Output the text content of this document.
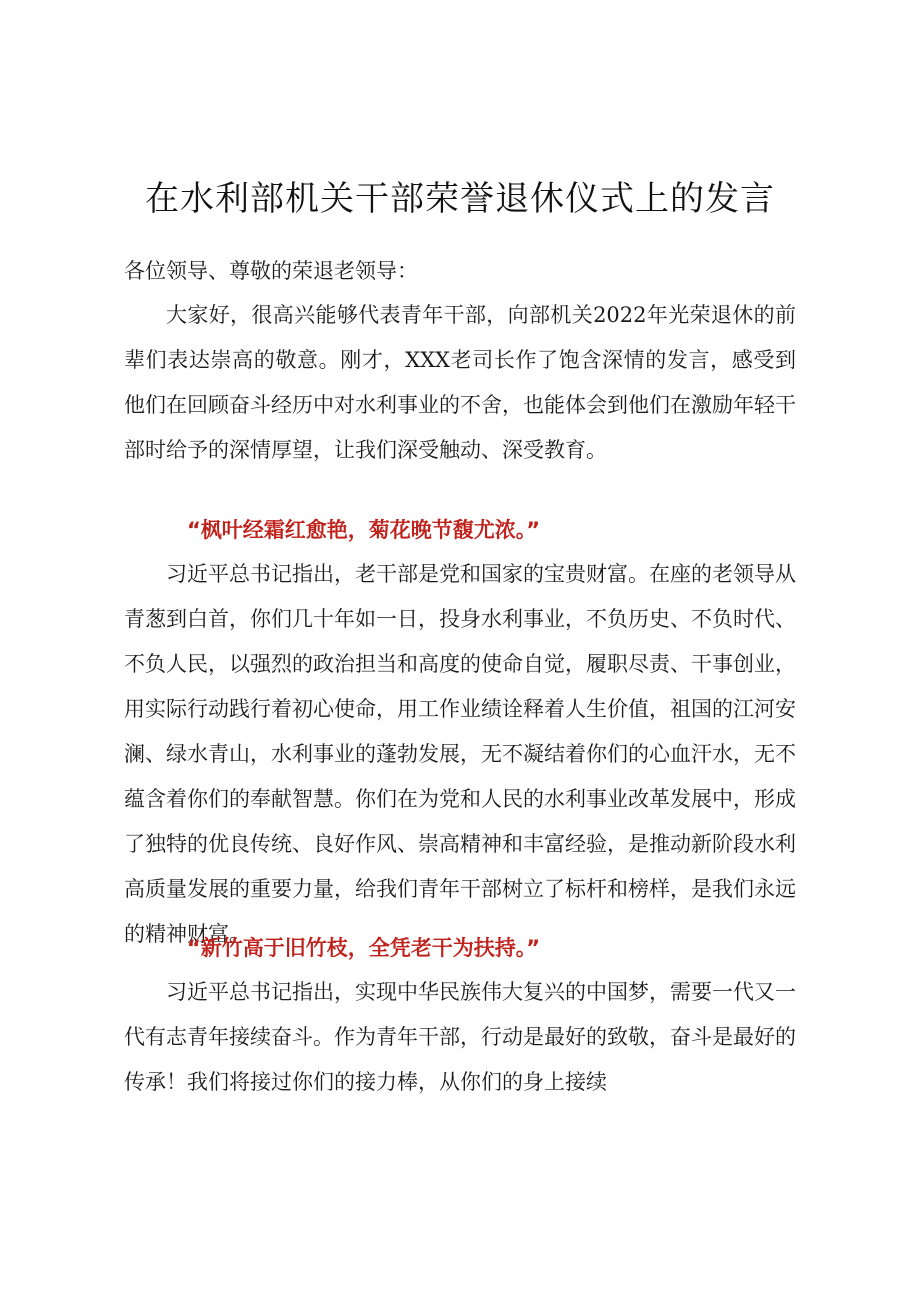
在水利部机关干部荣誉退休仪式上的发言

各位领导、尊敬的荣退老领导：

大家好，很高兴能够代表青年干部，向部机关2022年光荣退休的前辈们表达崇高的敬意。刚才，XXX老司长作了饱含深情的发言，感受到他们在回顾奋斗经历中对水利事业的不舍，也能体会到他们在激励年轻干部时给予的深情厚望，让我们深受触动、深受教育。

“枫叶经霜红愈艳，菊花晚节馥尤浓。”

习近平总书记指出，老干部是党和国家的宝贵财富。在座的老领导从青葱到白首，你们几十年如一日，投身水利事业，不负历史、不负时代、不负人民，以强烈的政治担当和高度的使命自觉，履职尽责、干事创业，用实际行动践行着初心使命，用工作业绩诠释着人生价值，祖国的江河安澜、绿水青山，水利事业的蓬勃发展，无不凝结着你们的心血汗水，无不蕴含着你们的奉献智慧。你们在为党和人民的水利事业改革发展中，形成了独特的优良传统、良好作风、崇高精神和丰富经验，是推动新阶段水利高质量发展的重要力量，给我们青年干部树立了标杆和榜样，是我们永远的精神财富。

“新竹高于旧竹枝，全凭老干为扶持。”

习近平总书记指出，实现中华民族伟大复兴的中国梦，需要一代又一代有志青年接续奋斗。作为青年干部，行动是最好的致敬，奋斗是最好的传承！我们将接过你们的接力棒，从你们的身上接续
